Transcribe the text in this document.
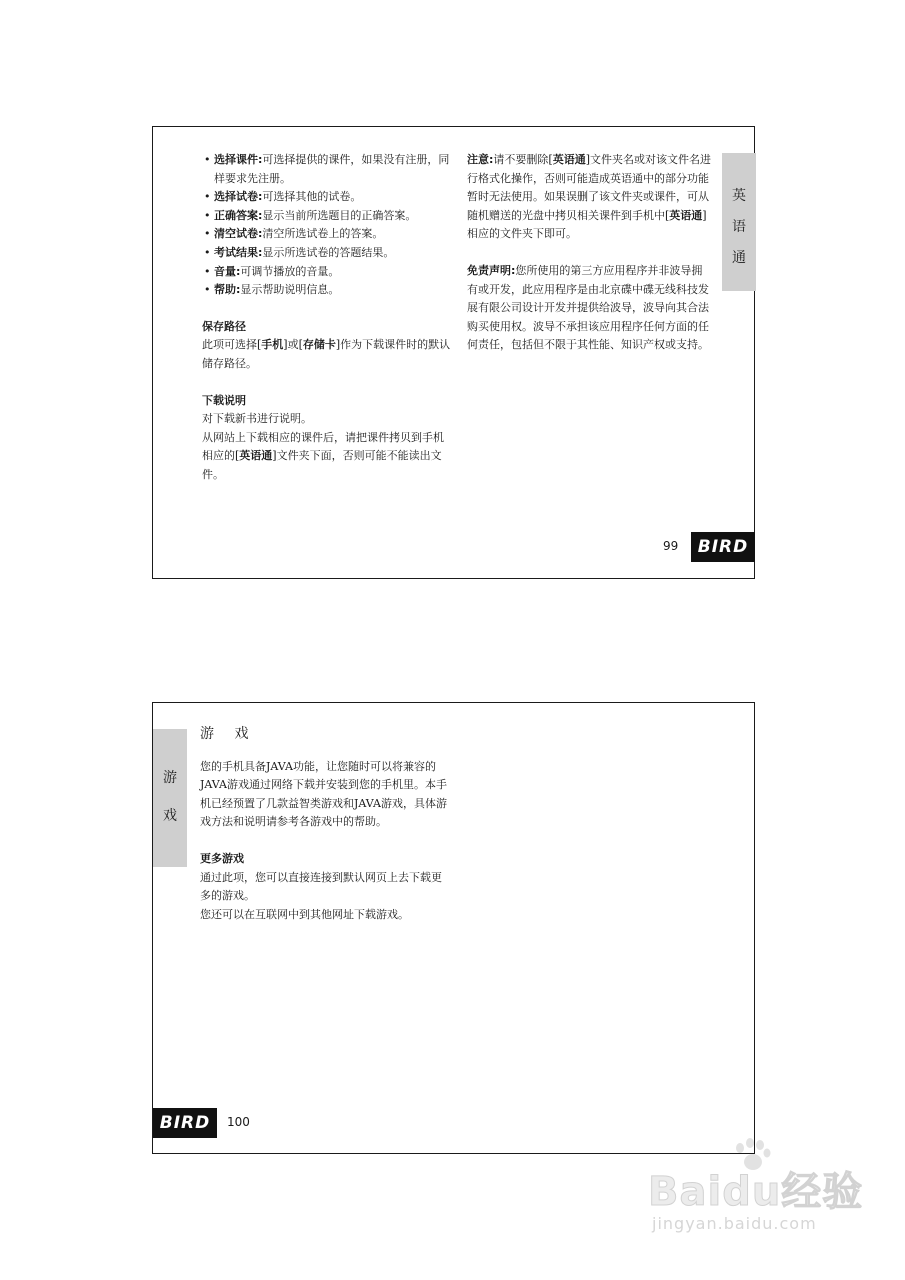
• 选择课件:可选择提供的课件，如果没有注册，同样要求先注册。
• 选择试卷:可选择其他的试卷。
• 正确答案:显示当前所选题目的正确答案。
• 清空试卷:清空所选试卷上的答案。
• 考试结果:显示所选试卷的答题结果。
• 音量:可调节播放的音量。
• 帮助:显示帮助说明信息。

保存路径

此项可选择[手机]或[存储卡]作为下载课件时的默认储存路径。

下载说明

对下载新书进行说明。

从网站上下载相应的课件后，请把课件拷贝到手机相应的[英语通]文件夹下面，否则可能不能读出文件。

注意:请不要删除[英语通]文件夹名或对该文件名进行格式化操作，否则可能造成英语通中的部分功能暂时无法使用。如果误删了该文件夹或课件，可从随机赠送的光盘中拷贝相关课件到手机中[英语通]相应的文件夹下即可。

免责声明:您所使用的第三方应用程序并非波导拥有或开发，此应用程序是由北京碟中碟无线科技发展有限公司设计开发并提供给波导，波导向其合法购买使用权。波导不承担该应用程序任何方面的任何责任，包括但不限于其性能、知识产权或支持。

英
语
通
99	BIRD
游
戏

游 戏

您的手机具备JAVA功能，让您随时可以将兼容的JAVA游戏通过网络下载并安装到您的手机里。本手机已经预置了几款益智类游戏和JAVA游戏，具体游戏方法和说明请参考各游戏中的帮助。

更多游戏

通过此项，您可以直接连接到默认网页上去下载更多的游戏。

您还可以在互联网中到其他网址下载游戏。

BIRD	100
Baidu经验
jingyan.baidu.com
